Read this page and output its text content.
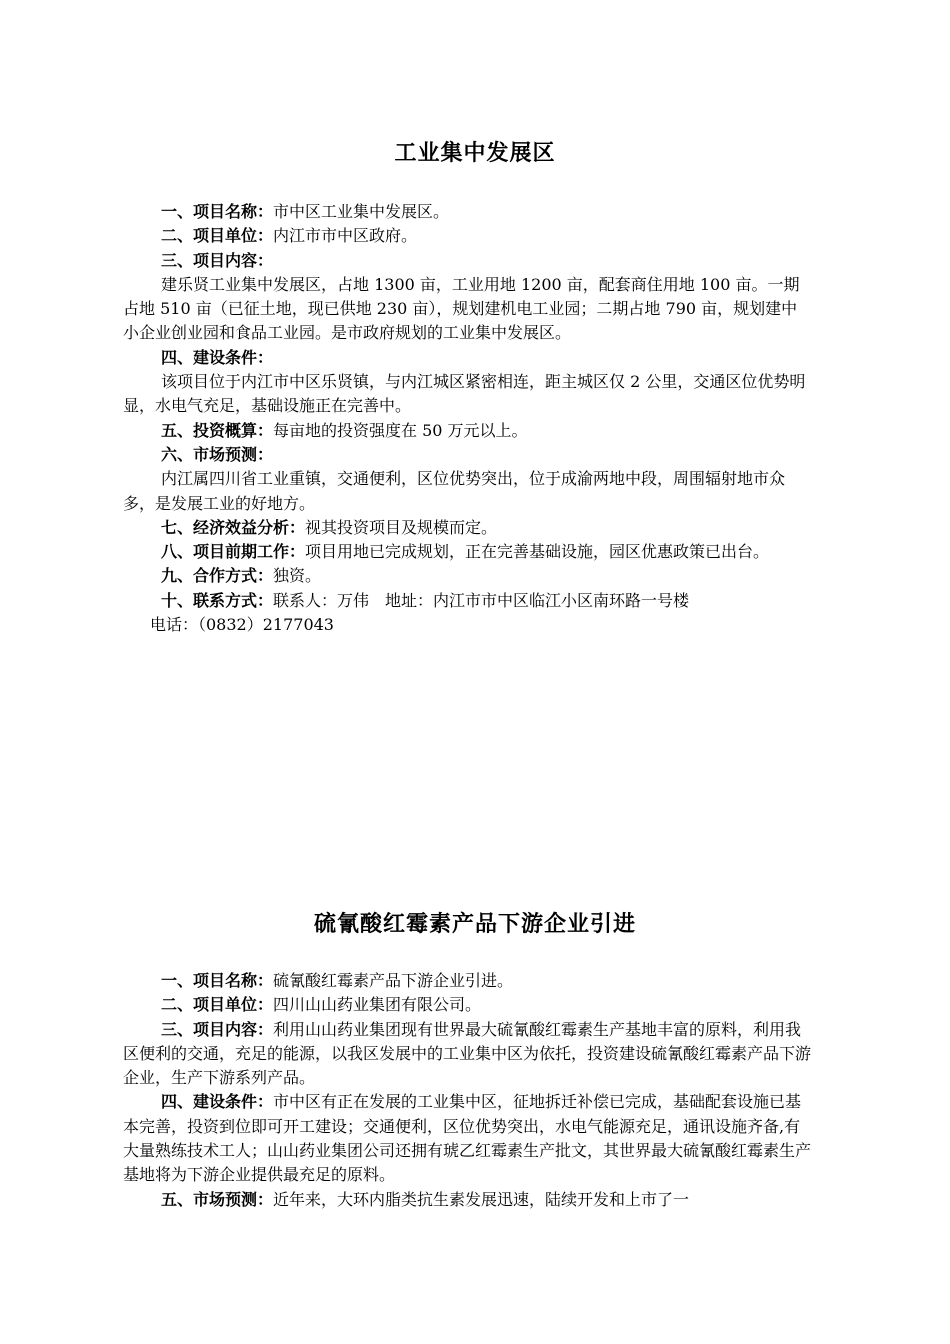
工业集中发展区

一、项目名称：市中区工业集中发展区。

二、项目单位：内江市市中区政府。

三、项目内容：

建乐贤工业集中发展区，占地 1300 亩，工业用地 1200 亩，配套商住用地 100 亩。一期占地 510 亩（已征土地，现已供地 230 亩），规划建机电工业园；二期占地 790 亩，规划建中小企业创业园和食品工业园。是市政府规划的工业集中发展区。

四、建设条件：

该项目位于内江市中区乐贤镇，与内江城区紧密相连，距主城区仅 2 公里，交通区位优势明显，水电气充足，基础设施正在完善中。

五、投资概算：每亩地的投资强度在 50 万元以上。

六、市场预测：

内江属四川省工业重镇，交通便利，区位优势突出，位于成渝两地中段，周围辐射地市众多，是发展工业的好地方。

七、经济效益分析：视其投资项目及规模而定。

八、项目前期工作：项目用地已完成规划，正在完善基础设施，园区优惠政策已出台。

九、合作方式：独资。

十、联系方式：联系人：万伟　地址：内江市市中区临江小区南环路一号楼

电话：（0832）2177043

硫氰酸红霉素产品下游企业引进

一、项目名称：硫氰酸红霉素产品下游企业引进。

二、项目单位：四川山山药业集团有限公司。

三、项目内容：利用山山药业集团现有世界最大硫氰酸红霉素生产基地丰富的原料，利用我区便利的交通，充足的能源，以我区发展中的工业集中区为依托，投资建设硫氰酸红霉素产品下游企业，生产下游系列产品。

四、建设条件：市中区有正在发展的工业集中区，征地拆迁补偿已完成，基础配套设施已基本完善，投资到位即可开工建设；交通便利，区位优势突出，水电气能源充足，通讯设施齐备,有大量熟练技术工人；山山药业集团公司还拥有琥乙红霉素生产批文，其世界最大硫氰酸红霉素生产基地将为下游企业提供最充足的原料。

五、市场预测：近年来，大环内脂类抗生素发展迅速，陆续开发和上市了一
